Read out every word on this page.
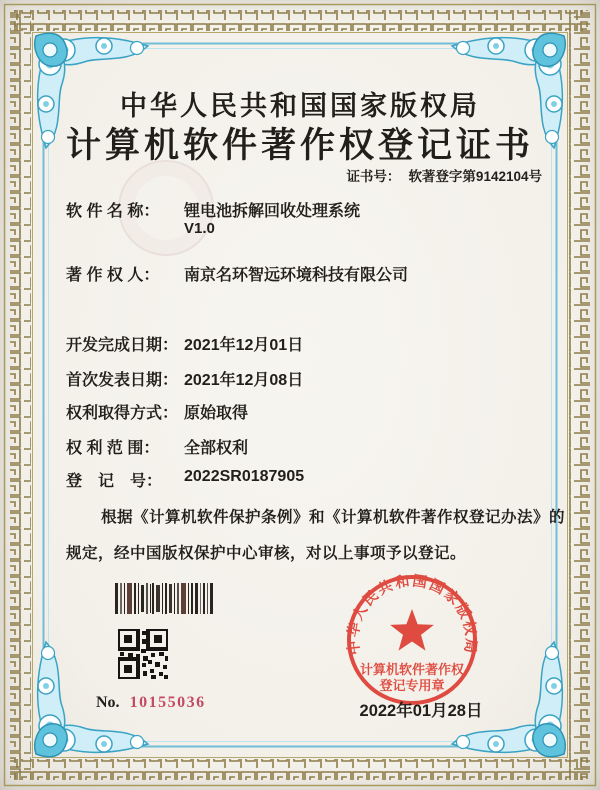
中华人民共和国国家版权局
计算机软件著作权登记证书
证书号： 软著登字第9142104号
软 件 名 称：	锂电池拆解回收处理系统
V1.0
著 作 权 人：	南京名环智远环境科技有限公司
开发完成日期： 2021年12月01日
首次发表日期： 2021年12月08日
权利取得方式： 原始取得
权 利 范 围：	全部权利
登　记　号：	2022SR0187905
根据《计算机软件保护条例》和《计算机软件著作权登记办法》的
规定，经中国版权保护中心审核，对以上事项予以登记。
No. 10155036
中华人民共和国国家版权局
计算机软件著作权
登记专用章
2022年01月28日
